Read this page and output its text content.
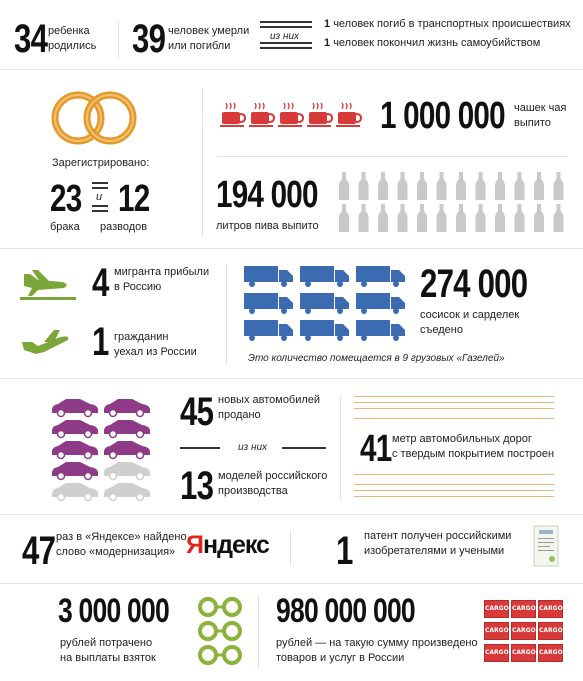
34 ребенка
родились 39 человек умерли
или погибли
из них
1 человек погиб в транспортных происшествиях
1 человек покончил жизнь самоубийством
Зарегистрировано:
23 и 12
брака разводов
1 000 000 чашек чая
выпито
194 000
литров пива выпито
4 мигранта прибыли
в Россию
1 гражданин
уехал из России
274 000
сосисок и сарделек
съедено
Это количество помещается в 9 грузовых «Газелей»
45 новых автомобилей
продано
из них
13 моделей российского
производства
41 метр автомобильных дорог
с твердым покрытием построен
47 раз в «Яндексе» найдено
слово «модернизация» Яндекс 1 патент получен российскими
изобретателями и учеными
3 000 000
рублей потрачено
на выплаты взяток
980 000 000
рублей — на такую сумму произведено
товаров и услуг в России
CARGO CARGO CARGO
CARGO CARGO CARGO
CARGO CARGO CARGO
